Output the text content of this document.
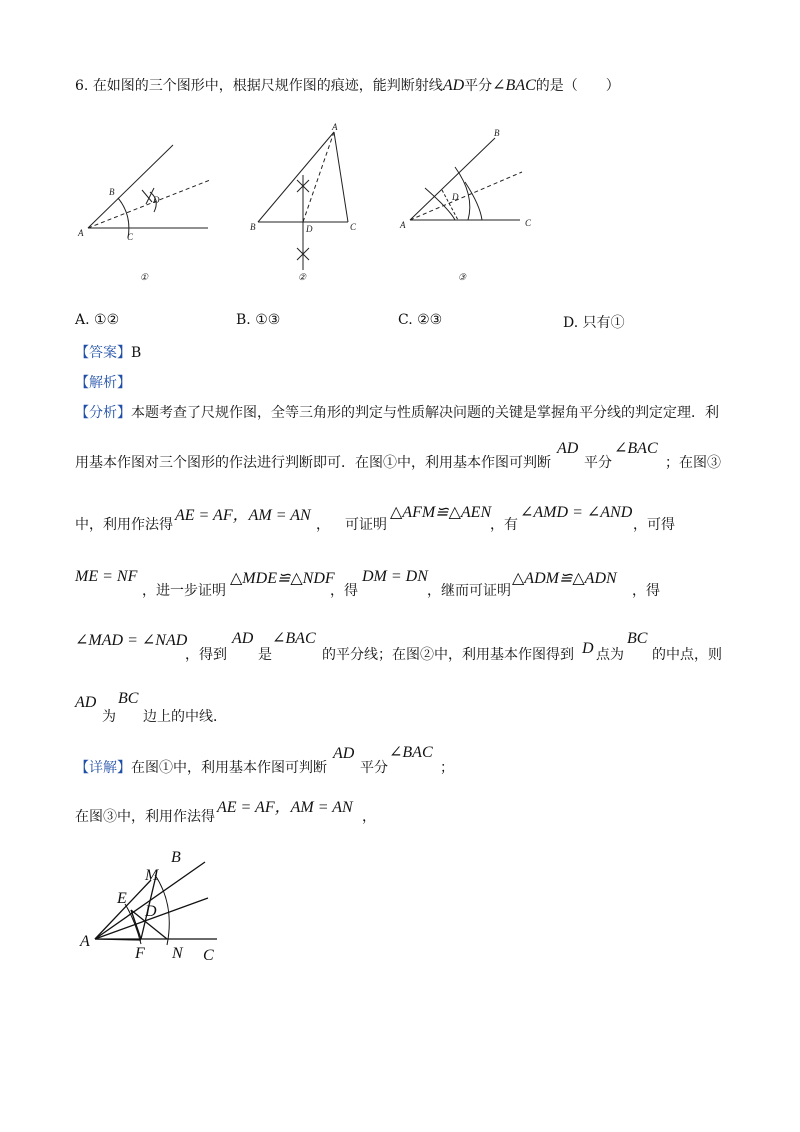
6. 在如图的三个图形中，根据尺规作图的痕迹，能判断射线AD平分∠BAC的是（　　）
A
B
C
D
A
B	C
D
B
A	C
D
①	②	③
A. ①②	B. ①③	C. ②③	D. 只有①
【答案】B
【解析】
【分析】本题考查了尺规作图，全等三角形的判定与性质解决问题的关键是掌握角平分线的判定定理．利
用基本作图对三个图形的作法进行判断即可．在图①中，利用基本作图可判断
AD
平分
∠BAC
；在图③
中，利用作法得
AE = AF，AM = AN
， 可证明
△AFM≌△AEN
，有
∠AMD = ∠AND
，可得
ME = NF
，进一步证明
△MDE≌△NDF
，得
DM = DN
，继而可证明
△ADM≌△ADN
，得
∠MAD = ∠NAD
，得到
AD
是
∠BAC
的平分线；在图②中，利用基本作图得到 D 点为
BC
的中点，则
AD
为
BC
边上的中线．
【详解】在图①中，利用基本作图可判断
AD
平分
∠BAC
；
在图③中，利用作法得
AE = AF，AM = AN
，
A
B
M
E
D
F N C
